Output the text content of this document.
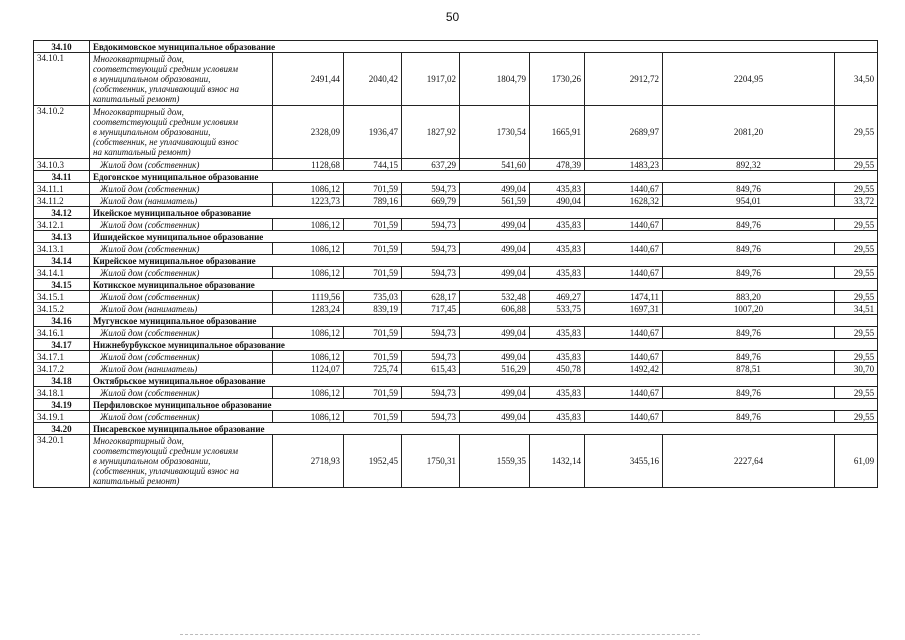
50
34.10	Евдокимовское муниципальное образование								
34.10.1	Многоквартирный дом,
соответствующий средним условиям
в муниципальном образовании,
(собственник, уплачивающий взнос на
капитальный ремонт)	2491,44	2040,42	1917,02	1804,79	1730,26	2912,72	2204,95	34,50
34.10.2	Многоквартирный дом,
соответствующий средним условиям
в муниципальном образовании,
(собственник, не уплачивающий взнос
на капитальный ремонт)	2328,09	1936,47	1827,92	1730,54	1665,91	2689,97	2081,20	29,55
34.10.3	Жилой дом (собственник)	1128,68	744,15	637,29	541,60	478,39	1483,23	892,32	29,55
34.11	Едогонское муниципальное образование								
34.11.1	Жилой дом (собственник)	1086,12	701,59	594,73	499,04	435,83	1440,67	849,76	29,55
34.11.2	Жилой дом (наниматель)	1223,73	789,16	669,79	561,59	490,04	1628,32	954,01	33,72
34.12	Икейское муниципальное образование								
34.12.1	Жилой дом (собственник)	1086,12	701,59	594,73	499,04	435,83	1440,67	849,76	29,55
34.13	Ишидейское муниципальное образование								
34.13.1	Жилой дом (собственник)	1086,12	701,59	594,73	499,04	435,83	1440,67	849,76	29,55
34.14	Кирейское муниципальное образование								
34.14.1	Жилой дом (собственник)	1086,12	701,59	594,73	499,04	435,83	1440,67	849,76	29,55
34.15	Котикское муниципальное образование								
34.15.1	Жилой дом (собственник)	1119,56	735,03	628,17	532,48	469,27	1474,11	883,20	29,55
34.15.2	Жилой дом (наниматель)	1283,24	839,19	717,45	606,88	533,75	1697,31	1007,20	34,51
34.16	Мугунское муниципальное образование								
34.16.1	Жилой дом (собственник)	1086,12	701,59	594,73	499,04	435,83	1440,67	849,76	29,55
34.17	Нижнебурбукское муниципальное образование								
34.17.1	Жилой дом (собственник)	1086,12	701,59	594,73	499,04	435,83	1440,67	849,76	29,55
34.17.2	Жилой дом (наниматель)	1124,07	725,74	615,43	516,29	450,78	1492,42	878,51	30,70
34.18	Октябрьское муниципальное образование								
34.18.1	Жилой дом (собственник)	1086,12	701,59	594,73	499,04	435,83	1440,67	849,76	29,55
34.19	Перфиловское муниципальное образование								
34.19.1	Жилой дом (собственник)	1086,12	701,59	594,73	499,04	435,83	1440,67	849,76	29,55
34.20	Писаревское муниципальное образование								
34.20.1	Многоквартирный дом,
соответствующий средним условиям
в муниципальном образовании,
(собственник, уплачивающий взнос на
капитальный ремонт)	2718,93	1952,45	1750,31	1559,35	1432,14	3455,16	2227,64	61,09
